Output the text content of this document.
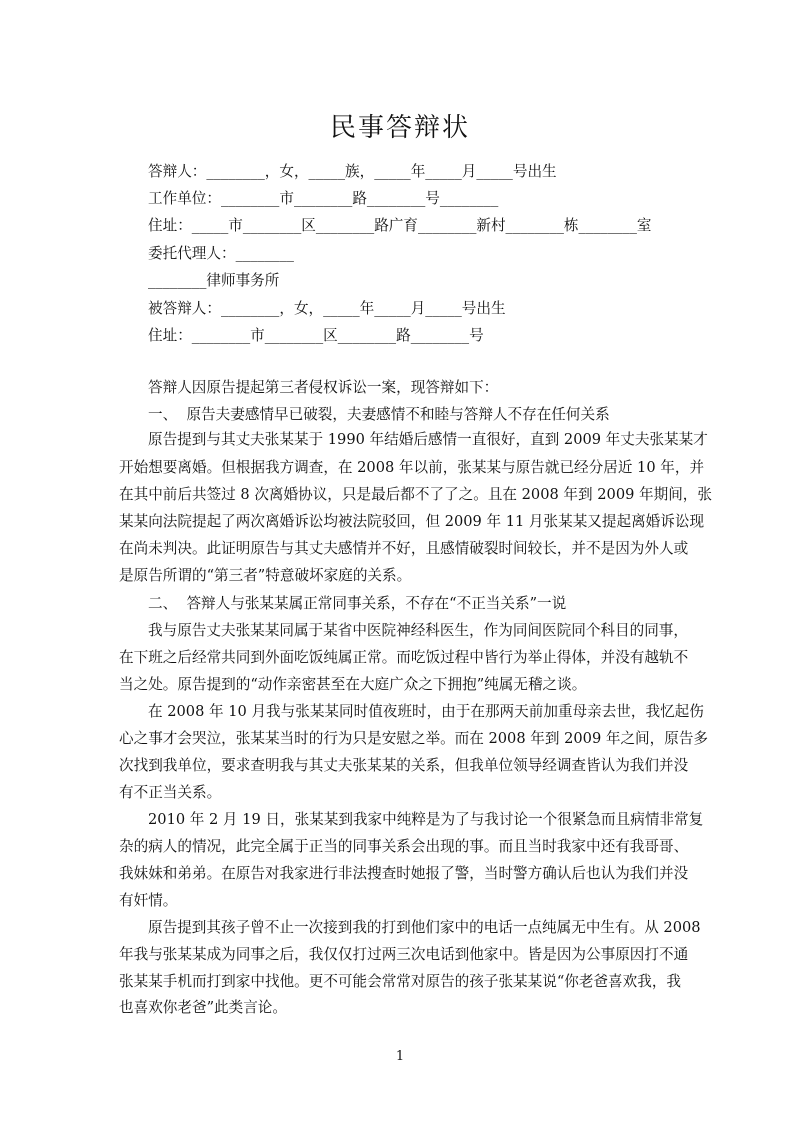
民事答辩状
答辩人：________，女，_____族，_____年_____月_____号出生
工作单位：________市________路________号________
住址：_____市________区________路广育________新村________栋________室
委托代理人：________
________律师事务所
被答辩人：________，女，_____年_____月_____号出生
住址：________市________区________路________号
答辩人因原告提起第三者侵权诉讼一案，现答辩如下：
一、  原告夫妻感情早已破裂，夫妻感情不和睦与答辩人不存在任何关系
原告提到与其丈夫张某某于 1990 年结婚后感情一直很好，直到 2009 年丈夫张某某才
开始想要离婚。但根据我方调查，在 2008 年以前，张某某与原告就已经分居近 10 年，并
在其中前后共签过 8 次离婚协议，只是最后都不了了之。且在 2008 年到 2009 年期间，张
某某向法院提起了两次离婚诉讼均被法院驳回，但 2009 年 11 月张某某又提起离婚诉讼现
在尚未判决。此证明原告与其丈夫感情并不好，且感情破裂时间较长，并不是因为外人或
是原告所谓的“第三者”特意破坏家庭的关系。
二、  答辩人与张某某属正常同事关系，不存在“不正当关系”一说
我与原告丈夫张某某同属于某省中医院神经科医生，作为同间医院同个科目的同事，
在下班之后经常共同到外面吃饭纯属正常。而吃饭过程中皆行为举止得体，并没有越轨不
当之处。原告提到的“动作亲密甚至在大庭广众之下拥抱”纯属无稽之谈。
在 2008 年 10 月我与张某某同时值夜班时，由于在那两天前加重母亲去世，我忆起伤
心之事才会哭泣，张某某当时的行为只是安慰之举。而在 2008 年到 2009 年之间，原告多
次找到我单位，要求查明我与其丈夫张某某的关系，但我单位领导经调查皆认为我们并没
有不正当关系。
2010 年 2 月 19 日，张某某到我家中纯粹是为了与我讨论一个很紧急而且病情非常复
杂的病人的情况，此完全属于正当的同事关系会出现的事。而且当时我家中还有我哥哥、
我妹妹和弟弟。在原告对我家进行非法搜查时她报了警，当时警方确认后也认为我们并没
有奸情。
原告提到其孩子曾不止一次接到我的打到他们家中的电话一点纯属无中生有。从 2008
年我与张某某成为同事之后，我仅仅打过两三次电话到他家中。皆是因为公事原因打不通
张某某手机而打到家中找他。更不可能会常常对原告的孩子张某某说“你老爸喜欢我，我
也喜欢你老爸”此类言论。
1
